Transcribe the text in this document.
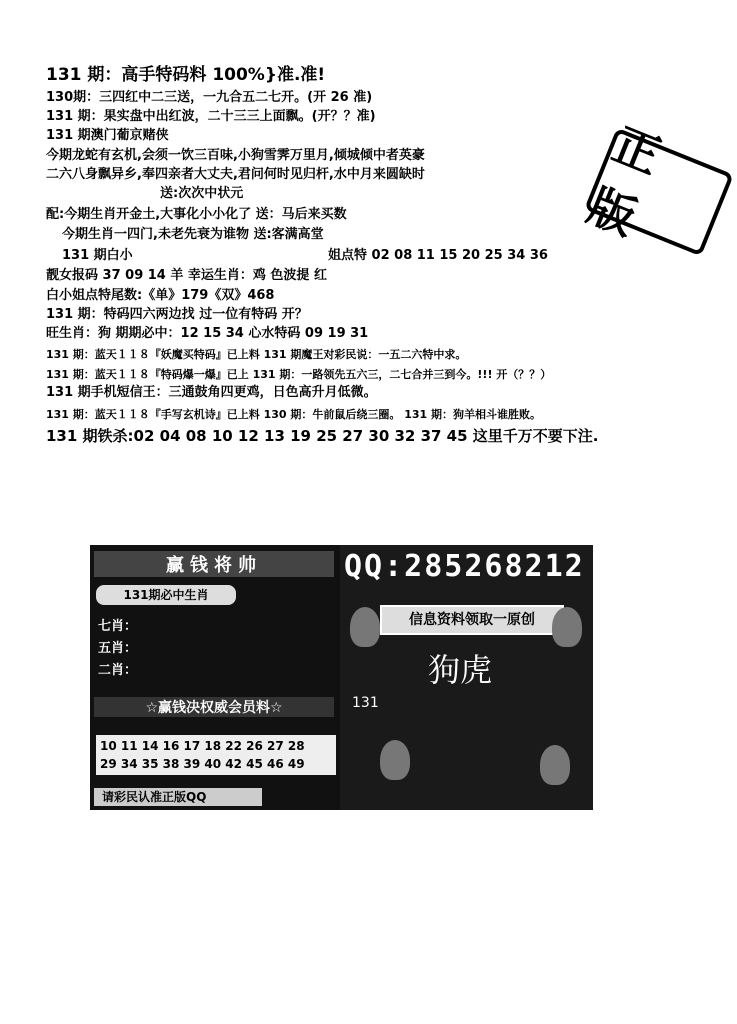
131 期：高手特码料 100%}准.准!
130期：三四红中二三送，一九合五二七开。(开 26 准)
131 期：果实盘中出红波，二十三三上面飘。(开？？准)
131 期澳门葡京赌侠
今期龙蛇有玄机,会须一饮三百味,小狗雪霁万里月,倾城倾中者英豪
二六八身飘异乡,奉四亲者大丈夫,君问何时见归杆,水中月来圆缺时
送:次次中状元
配:今期生肖开金土,大事化小小化了 送：马后来买数
今期生肖一四门,未老先衰为谁物 送:客满高堂
131 期白小	姐点特 02 08 11 15 20 25 34 36
靓女报码 37 09 14 羊 幸运生肖：鸡 色波提 红
白小姐点特尾数:《单》179《双》468
131 期：特码四六两边找 过一位有特码 开？
旺生肖：狗 期期必中：12 15 34 心水特码 09 19 31
131 期：蓝天１１８『妖魔买特码』已上料 131 期魔王对彩民说：一五二六特中求。
131 期：蓝天１１８『特码爆一爆』已上 131 期：一路领先五六三，二七合并三到今。!!! 开（？？）
131 期手机短信王：三通鼓角四更鸡，日色高升月低微。
131 期：蓝天１１８『手写玄机诗』已上料 130 期：牛前鼠后绕三圈。 131 期：狗羊相斗谁胜败。
131 期铁杀:02 04 08 10 12 13 19 25 27 30 32 37 45 这里千万不要下注.
正版
赢钱将帅
131期必中生肖
七肖：
五肖：
二肖：
☆赢钱决权威会员料☆
10 11 14 16 17 18 22 26 27 28
29 34 35 38 39 40 42 45 46 49
请彩民认准正版QQ
QQ:285268212
信息资料领取一原创
狗虎
131
